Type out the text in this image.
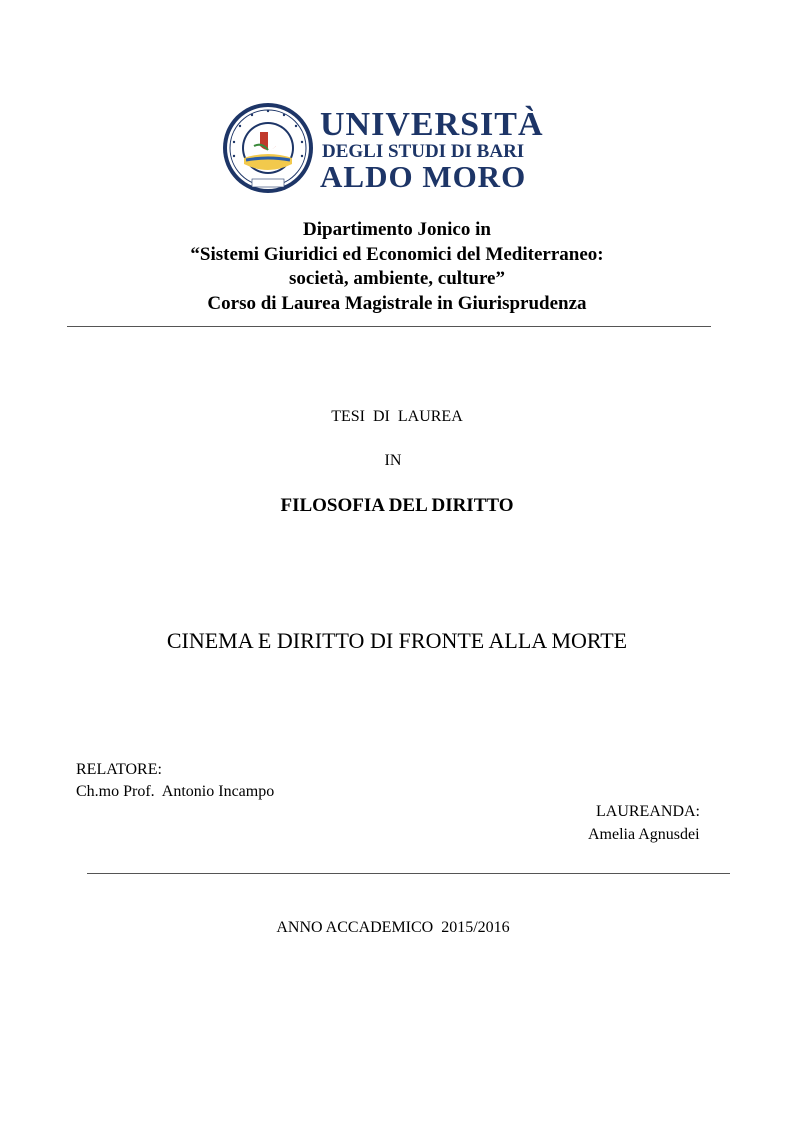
UNIVERSITÀ
DEGLI STUDI DI BARI
ALDO MORO
Dipartimento Jonico in
“Sistemi Giuridici ed Economici del Mediterraneo:
società, ambiente, culture”
Corso di Laurea Magistrale in Giurisprudenza
TESI  DI  LAUREA
IN
FILOSOFIA DEL DIRITTO
CINEMA E DIRITTO DI FRONTE ALLA MORTE
RELATORE:
Ch.mo Prof.  Antonio Incampo
LAUREANDA:
Amelia Agnusdei
ANNO ACCADEMICO  2015/2016
